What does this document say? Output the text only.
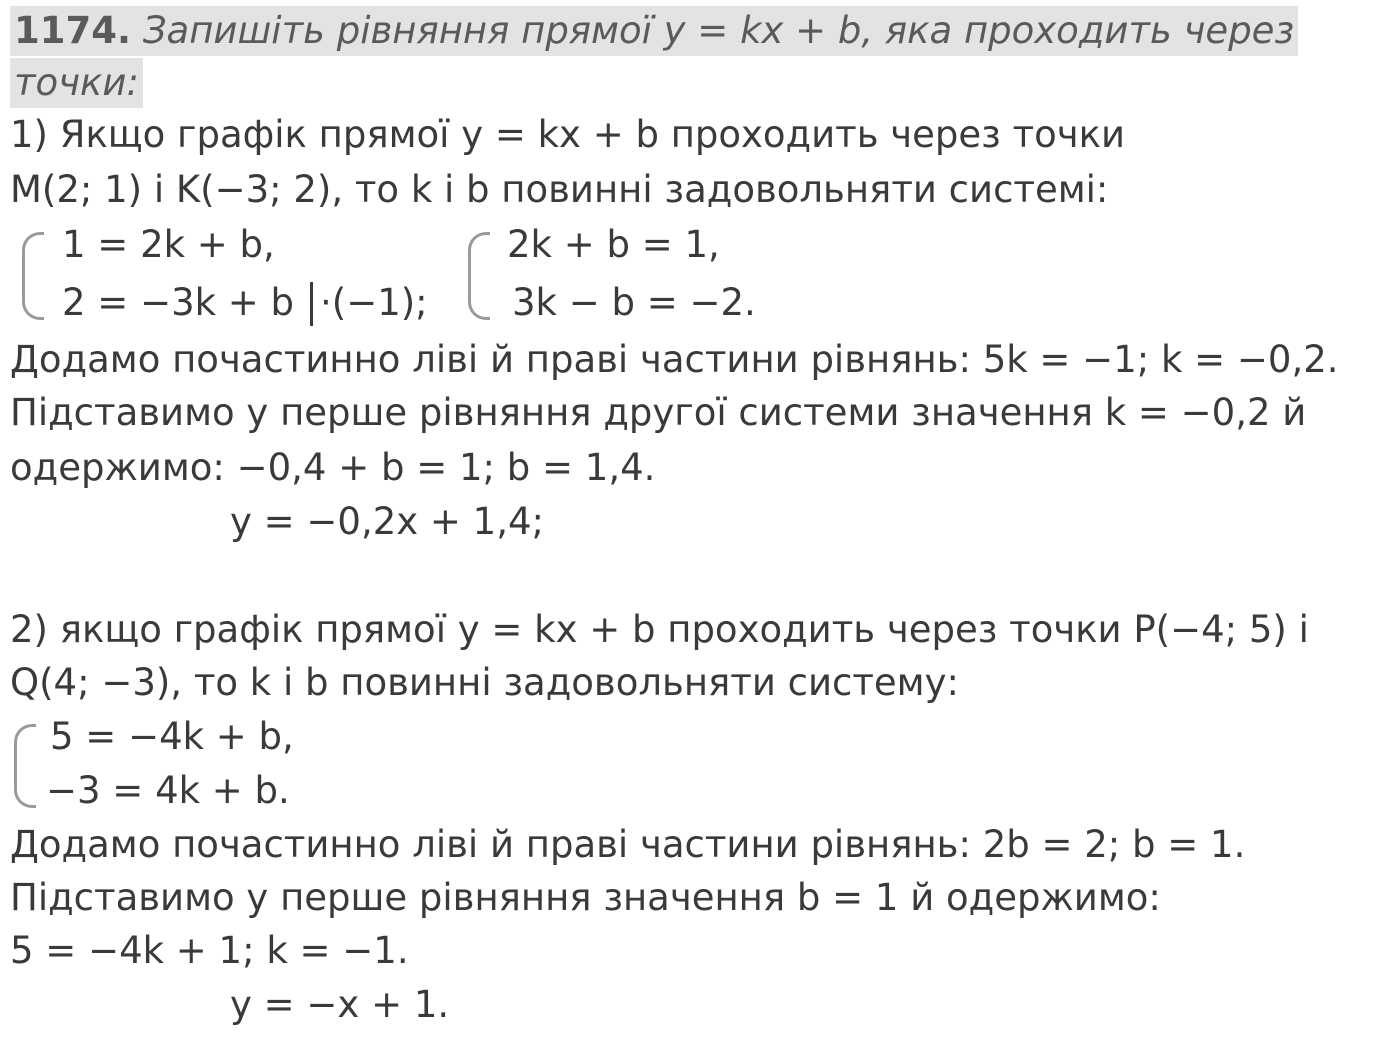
1174. Запишіть рівняння прямої y = kx + b, яка проходить через
точки:
1) Якщо графік прямої y = kx + b проходить через точки
M(2; 1) і K(−3; 2), то k і b повинні задовольняти системі:
1 = 2k + b,
2 = −3k + b ·(−1);
2k + b = 1,
3k − b = −2.
Додамо почастинно ліві й праві частини рівнянь: 5k = −1; k = −0,2.
Підставимо у перше рівняння другої системи значення k = −0,2 й
одержимо: −0,4 + b = 1; b = 1,4.
y = −0,2x + 1,4;
2) якщо графік прямої y = kx + b проходить через точки P(−4; 5) і
Q(4; −3), то k і b повинні задовольняти систему:
5 = −4k + b,
−3 = 4k + b.
Додамо почастинно ліві й праві частини рівнянь: 2b = 2; b = 1.
Підставимо у перше рівняння значення b = 1 й одержимо:
5 = −4k + 1; k = −1.
y = −x + 1.
